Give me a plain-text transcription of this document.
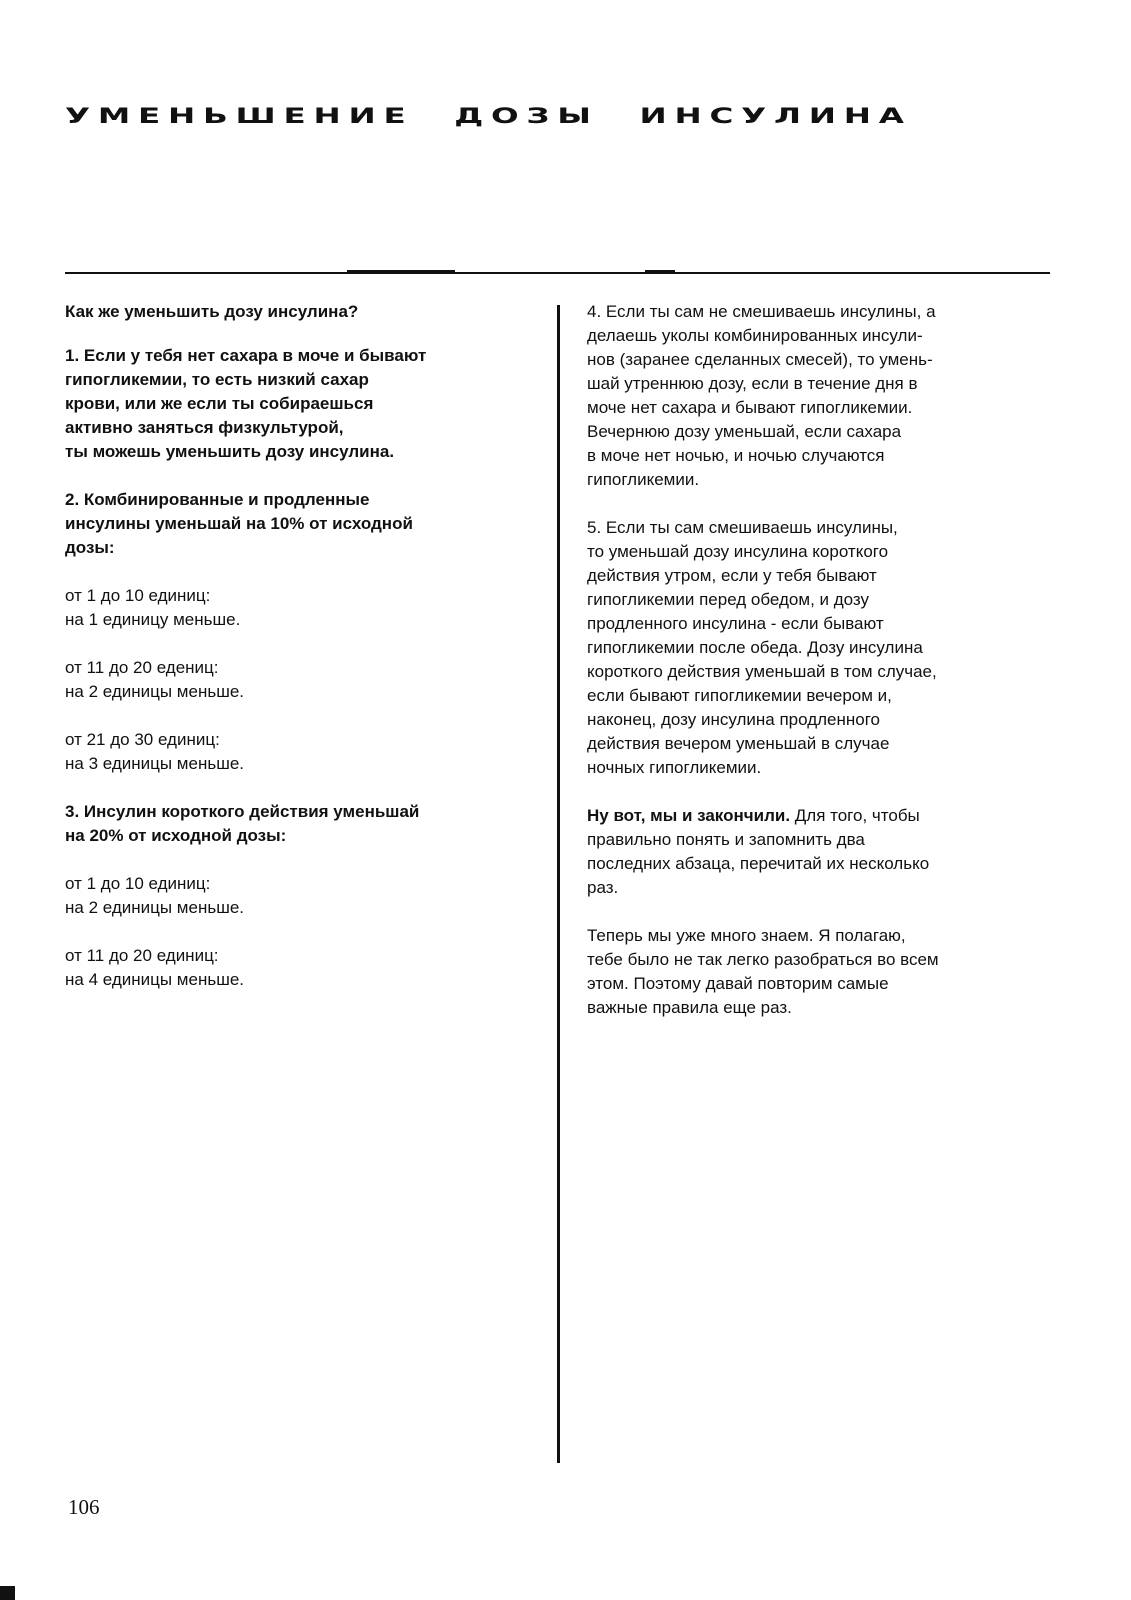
УМЕНЬШЕНИЕ ДОЗЫ ИНСУЛИНА

Как же уменьшить дозу инсулина?

1. Если у тебя нет сахара в моче и бывают

гипогликемии, то есть низкий сахар

крови, или же если ты собираешься

активно заняться физкультурой,

ты можешь уменьшить дозу инсулина.

2. Комбинированные и продленные

инсулины уменьшай на 10% от исходной

дозы:

от 1 до 10 единиц:

на 1 единицу меньше.

от 11 до 20 едениц:

на 2 единицы меньше.

от 21 до 30 единиц:

на 3 единицы меньше.

3. Инсулин короткого действия уменьшай

на 20% от исходной дозы:

от 1 до 10 единиц:

на 2 единицы меньше.

от 11 до 20 единиц:

на 4 единицы меньше.

4. Если ты сам не смешиваешь инсулины, а

делаешь уколы комбинированных инсули-

нов (заранее сделанных смесей), то умень-

шай утреннюю дозу, если в течение дня в

моче нет сахара и бывают гипогликемии.

Вечернюю дозу уменьшай, если сахара

в моче нет ночью, и ночью случаются

гипогликемии.

5. Если ты сам смешиваешь инсулины,

то уменьшай дозу инсулина короткого

действия утром, если у тебя бывают

гипогликемии перед обедом, и дозу

продленного инсулина - если бывают

гипогликемии после обеда. Дозу инсулина

короткого действия уменьшай в том случае,

если бывают гипогликемии вечером и,

наконец, дозу инсулина продленного

действия вечером уменьшай в случае

ночных гипогликемии.

Ну вот, мы и закончили. Для того, чтобы

правильно понять и запомнить два

последних абзаца, перечитай их несколько

раз.

Теперь мы уже много знаем. Я полагаю,

тебе было не так легко разобраться во всем

этом. Поэтому давай повторим самые

важные правила еще раз.

106
